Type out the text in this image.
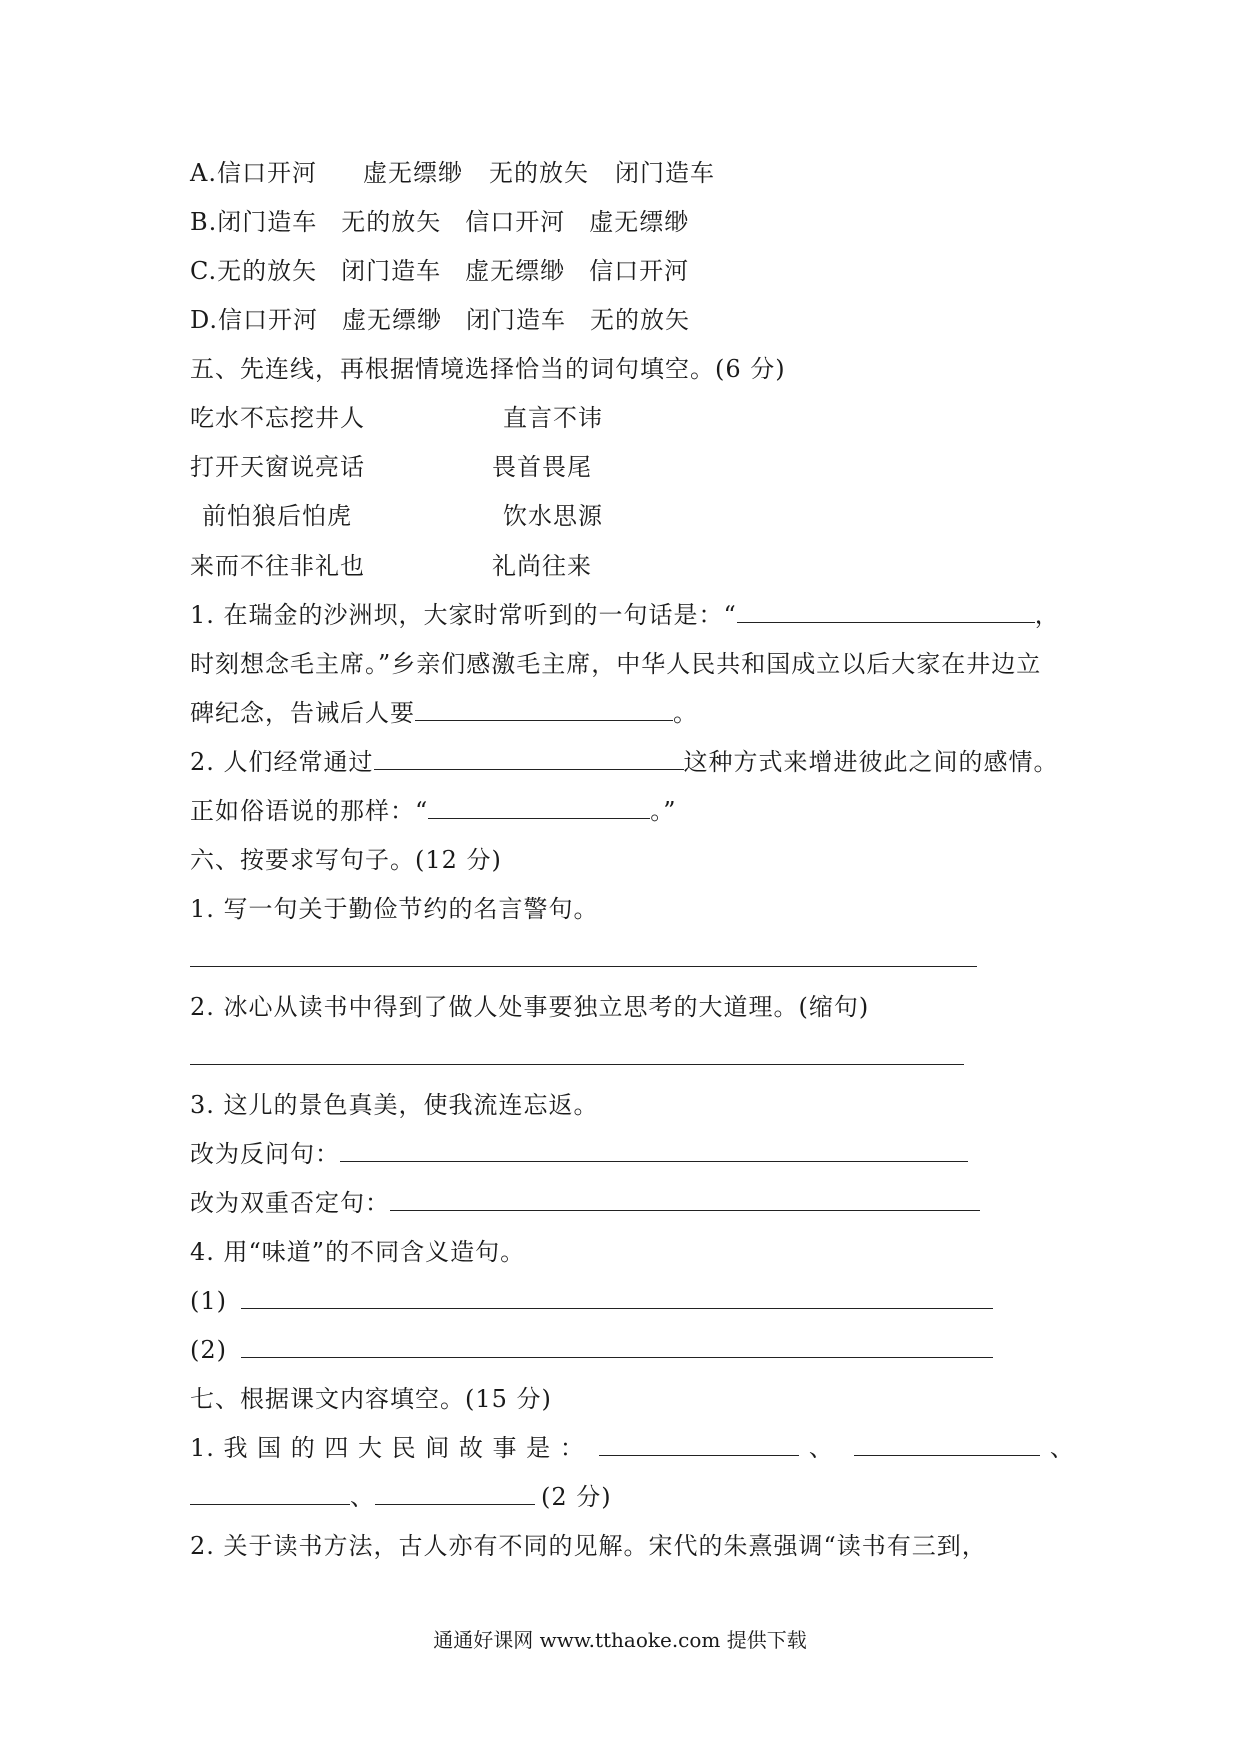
A.信口开河 虚无缥缈 无的放矢 闭门造车
B.闭门造车 无的放矢 信口开河 虚无缥缈
C.无的放矢 闭门造车 虚无缥缈 信口开河
D.信口开河 虚无缥缈 闭门造车 无的放矢
五、先连线，再根据情境选择恰当的词句填空。(6 分)
吃水不忘挖井人	直言不讳
打开天窗说亮话	畏首畏尾
前怕狼后怕虎	饮水思源
来而不往非礼也	礼尚往来
1. 在瑞金的沙洲坝，大家时常听到的一句话是：“	，
时刻想念毛主席。”乡亲们感激毛主席，中华人民共和国成立以后大家在井边立
碑纪念，告诫后人要	。
2. 人们经常通过	这种方式来增进彼此之间的感情。
正如俗语说的那样：“	。”
六、按要求写句子。(12 分)
1. 写一句关于勤俭节约的名言警句。
2. 冰心从读书中得到了做人处事要独立思考的大道理。(缩句)
3. 这儿的景色真美，使我流连忘返。
改为反问句：
改为双重否定句：
4. 用“味道”的不同含义造句。
(1)
(2)
七、根据课文内容填空。(15 分)
1. 我 国 的 四 大 民 间 故 事 是 ：	、	、
、	(2 分)
2. 关于读书方法，古人亦有不同的见解。宋代的朱熹强调“读书有三到，
通通好课网 www.tthaoke.com 提供下载
